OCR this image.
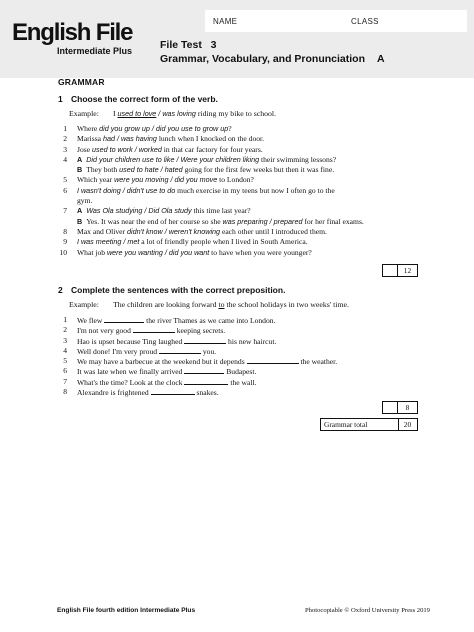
English File
Intermediate Plus
NAME	CLASS
File Test   3
Grammar, Vocabulary, and Pronunciation A
GRAMMAR
1 Choose the correct form of the verb.
Example: I used to love / was loving riding my bike to school.
1 Where did you grow up / did you use to grow up?
2 Marissa had / was having lunch when I knocked on the door.
3 Jose used to work / worked in that car factory for four years.
4 A Did your children use to like / Were your children liking their swimming lessons?
B They both used to hate / hated going for the first few weeks but then it was fine.
5 Which year were you moving / did you move to London?
6 I wasn't doing / didn't use to do much exercise in my teens but now I often go to the
gym.
7 A Was Ola studying / Did Ola study this time last year?
B Yes. It was near the end of her course so she was preparing / prepared for her final exams.
8 Max and Oliver didn't know / weren't knowing each other until I introduced them.
9 I was meeting / met a lot of friendly people when I lived in South America.
10 What job were you wanting / did you want to have when you were younger?
12
2 Complete the sentences with the correct preposition.
Example: The children are looking forward to the school holidays in two weeks' time.
1 We flew	the river Thames as we came into London.
2 I'm not very good	keeping secrets.
3 Hao is upset because Ting laughed	his new haircut.
4 Well done! I'm very proud	you.
5 We may have a barbecue at the weekend but it depends	the weather.
6 It was late when we finally arrived	Budapest.
7 What's the time? Look at the clock	the wall.
8 Alexandre is frightened	snakes.
8
Grammar total	20
English File fourth edition Intermediate Plus	Photocopiable © Oxford University Press 2019
